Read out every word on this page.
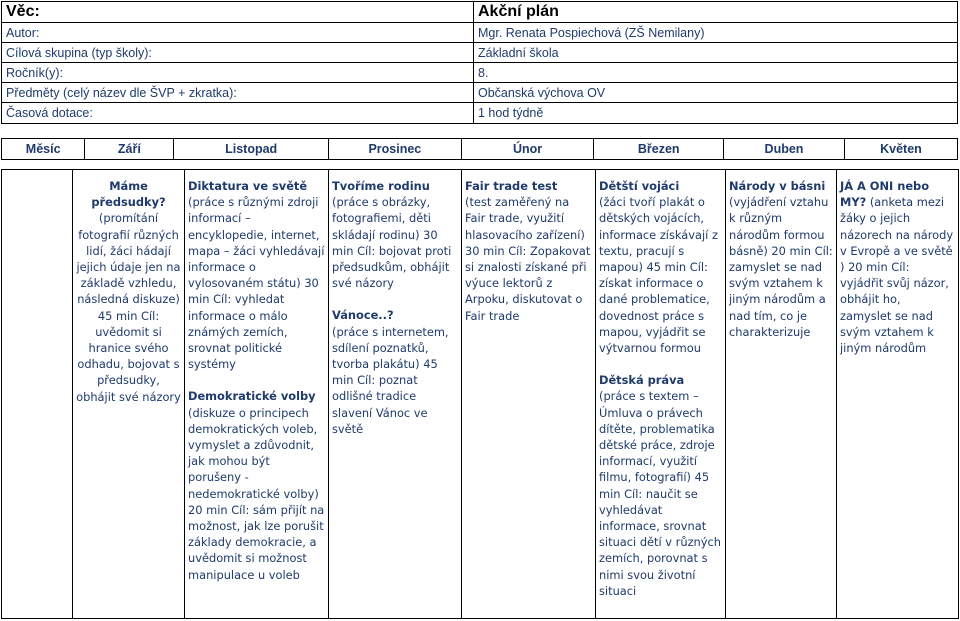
Věc:	Akční plán
Autor:	Mgr. Renata Pospiechová (ZŠ Nemilany)
Cílová skupina (typ školy):	Základní škola
Ročník(y):	8.
Předměty (celý název dle ŠVP + zkratka):	Občanská výchova OV
Časová dotace:	1 hod týdně
Měsíc	Září	Listopad	Prosinec	Únor	Březen	Duben	Květen
	Máme předsudky? (promítání fotografií různých lidí, žáci hádají jejich údaje jen na základě vzhledu, následná diskuze) 45 min Cíl: uvědomit si hranice svého odhadu, bojovat s předsudky, obhájit své názory	Diktatura ve světě
(práce s různými zdroji informací – encyklopedie, internet, mapa – žáci vyhledávají informace o vylosovaném státu) 30 min Cíl: vyhledat informace o málo známých zemích, srovnat politické systémy
Demokratické volby
(diskuze o principech demokratických voleb, vymyslet a zdůvodnit, jak mohou být porušeny - nedemokratické volby) 20 min Cíl: sám přijít na možnost, jak lze porušit základy demokracie, a uvědomit si možnost manipulace u voleb	Tvoříme rodinu
(práce s obrázky, fotografiemi, děti skládají rodinu) 30 min Cíl: bojovat proti předsudkům, obhájit své názory
Vánoce..?
(práce s internetem, sdílení poznatků, tvorba plakátu) 45 min Cíl: poznat odlišné tradice slavení Vánoc ve světě	Fair trade test
(test zaměřený na Fair trade, využití hlasovacího zařízení) 30 min Cíl: Zopakovat si znalosti získané při výuce lektorů z Arpoku, diskutovat o Fair trade	Dětští vojáci
(žáci tvoří plakát o dětských vojácích, informace získávají z textu, pracují s mapou) 45 min Cíl: získat informace o dané problematice, dovednost práce s mapou, vyjádřit se výtvarnou formou
Dětská práva
(práce s textem – Úmluva o právech dítěte, problematika dětské práce, zdroje informací, využití filmu, fotografií) 45 min Cíl: naučit se vyhledávat informace, srovnat situaci dětí v různých zemích, porovnat s nimi svou životní situaci	Národy v básni
(vyjádření vztahu k různým národům formou básně) 20 min Cíl: zamyslet se nad svým vztahem k jiným národům a nad tím, co je charakterizuje	JÁ A ONI nebo MY? (anketa mezi žáky o jejich názorech na národy v Evropě a ve světě ) 20 min Cíl: vyjádřit svůj názor, obhájit ho, zamyslet se nad svým vztahem k jiným národům
